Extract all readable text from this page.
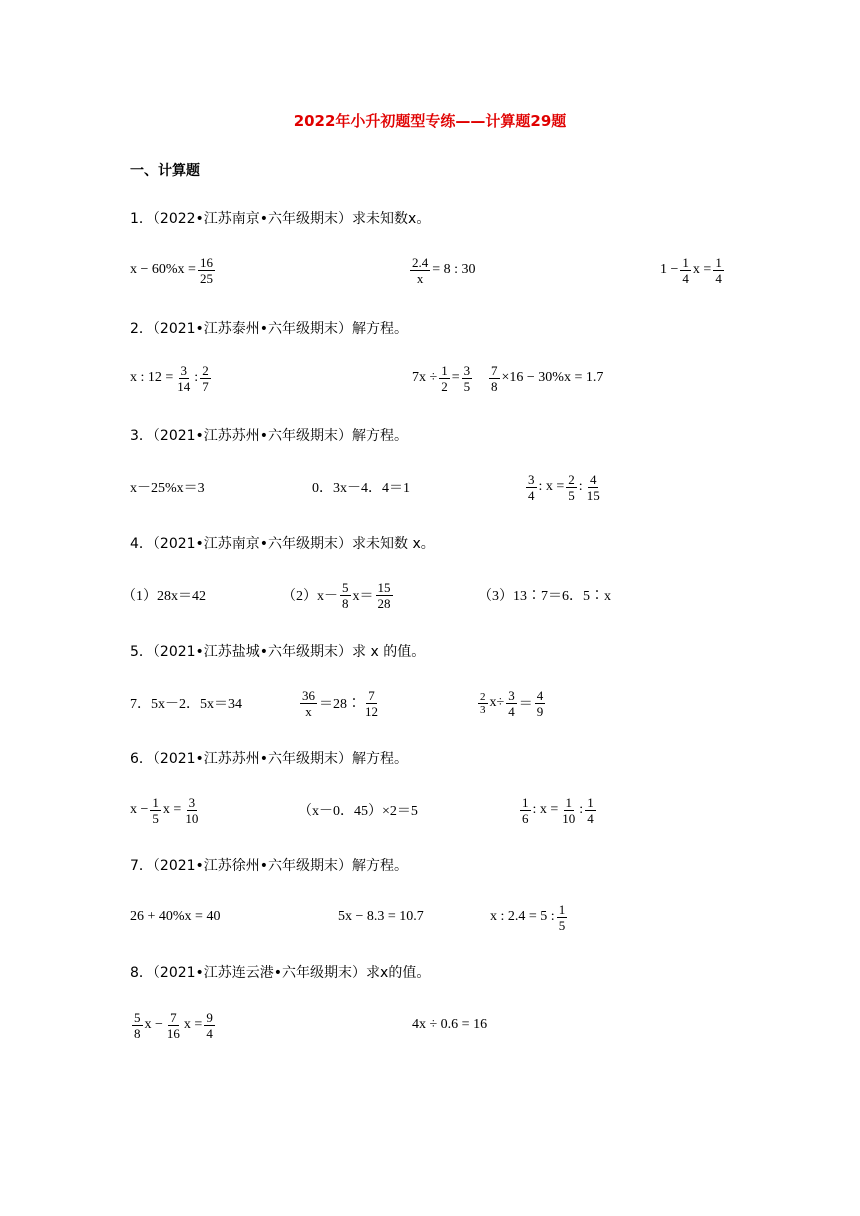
2022年小升初题型专练——计算题29题
一、计算题
1．（2022•江苏南京•六年级期末）求未知数x。
$x - 60\%x = \frac{16}{25}$	$\frac{2.4}{x} = 8$ : 30	$1 - \frac{1}{4}$ $x = \frac{1}{4}$
2．（2021•江苏泰州•六年级期末）解方程。
x : $12 = \frac{3}{14}$ : $\frac{2}{7}$	$7x \div \frac{1}{2} = \frac{3}{5} \frac{7}{8} \times 16 - 30\%x = 1.7$
3．（2021•江苏苏州•六年级期末）解方程。
x－25%x＝3	0．3x－4．4＝1	$\frac{3}{4}$ : $x = \frac{2}{5}$ : $\frac{4}{15}$
4．（2021•江苏南京•六年级期末）求未知数 x。
（1）28x＝42	$(2)x- \frac{5}{8} x= \frac{15}{28}$	（3）13∶7＝6．5∶x
5．（2021•江苏盐城•六年级期末）求 x 的值。
7．5x－2．5x＝34	$\frac{36}{x}$ ＝28∶ $\frac{7}{12}$	$\frac{2}{3} x\div \frac{3}{4} = \frac{4}{9}$
6．（2021•江苏苏州•六年级期末）解方程。
$x - \frac{1}{5}$ $x = \frac{3}{10}$	（x－0．45）×2＝5	$\frac{1}{6}$ : $x = \frac{1}{10}$ : $\frac{1}{4}$
7．（2021•江苏徐州•六年级期末）解方程。
26 + 40%x = 40	5x − 8.3 = 10.7	x : 2.4 = 5 : $\frac{1}{5}$
8．（2021•江苏连云港•六年级期末）求x的值。
$\frac{5}{8}$ $x - \frac{7}{16}$ $x = \frac{9}{4}$	4x ÷ 0.6 = 16
